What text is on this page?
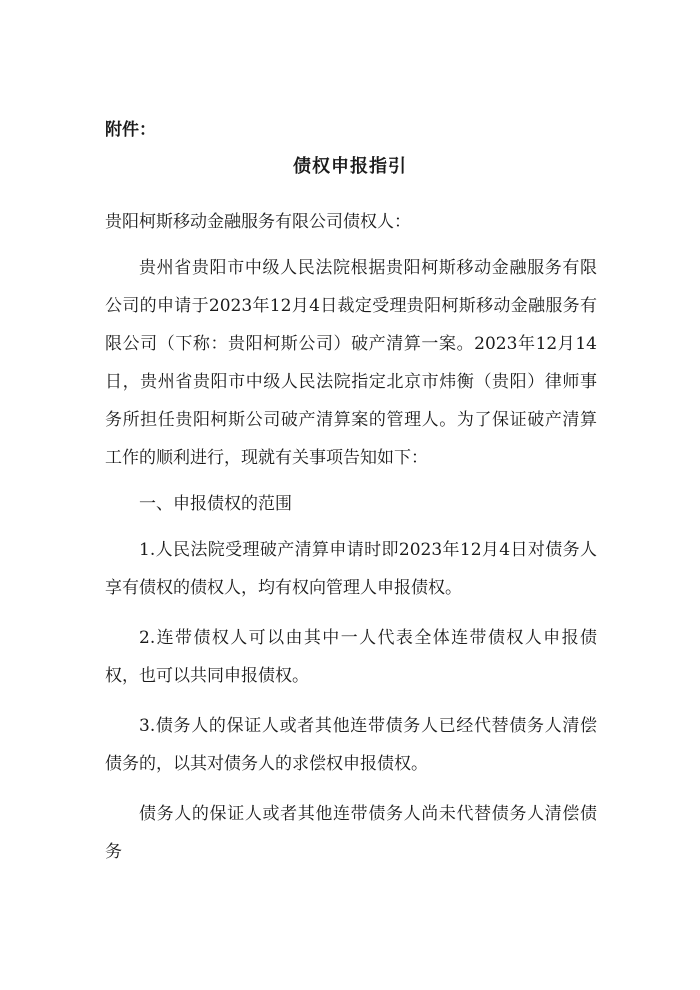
附件：

债权申报指引

贵阳柯斯移动金融服务有限公司债权人：

贵州省贵阳市中级人民法院根据贵阳柯斯移动金融服务有限公司的申请于2023年12月4日裁定受理贵阳柯斯移动金融服务有限公司（下称：贵阳柯斯公司）破产清算一案。2023年12月14日，贵州省贵阳市中级人民法院指定北京市炜衡（贵阳）律师事务所担任贵阳柯斯公司破产清算案的管理人。为了保证破产清算工作的顺利进行，现就有关事项告知如下：

一、申报债权的范围

1.人民法院受理破产清算申请时即2023年12月4日对债务人享有债权的债权人，均有权向管理人申报债权。

2.连带债权人可以由其中一人代表全体连带债权人申报债权，也可以共同申报债权。

3.债务人的保证人或者其他连带债务人已经代替债务人清偿债务的，以其对债务人的求偿权申报债权。

债务人的保证人或者其他连带债务人尚未代替债务人清偿债务
